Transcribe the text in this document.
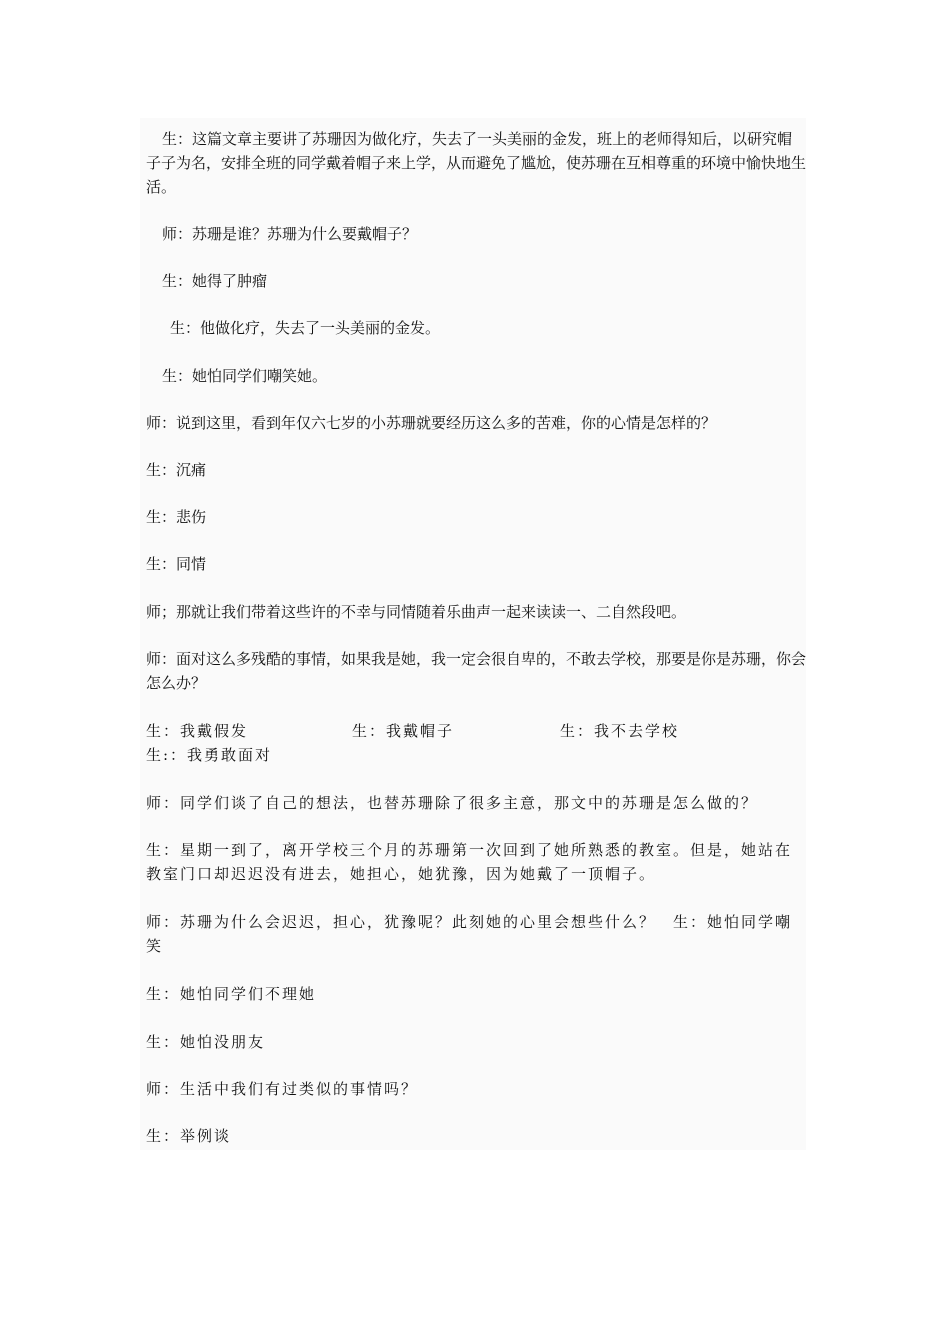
生：这篇文章主要讲了苏珊因为做化疗，失去了一头美丽的金发，班上的老师得知后，以研究帽子子为名，安排全班的同学戴着帽子来上学，从而避免了尴尬，使苏珊在互相尊重的环境中愉快地生活。
师：苏珊是谁？苏珊为什么要戴帽子？
生：她得了肿瘤
生：他做化疗，失去了一头美丽的金发。
生：她怕同学们嘲笑她。
师：说到这里，看到年仅六七岁的小苏珊就要经历这么多的苦难，你的心情是怎样的？
生：沉痛
生：悲伤
生：同情
师；那就让我们带着这些许的不幸与同情随着乐曲声一起来读读一、二自然段吧。
师：面对这么多残酷的事情，如果我是她，我一定会很自卑的，不敢去学校，那要是你是苏珊，你会怎么办？
生：我戴假发	生：我戴帽子	生：我不去学校
生:：我勇敢面对
师：同学们谈了自己的想法，也替苏珊除了很多主意，那文中的苏珊是怎么做的？
生：星期一到了，离开学校三个月的苏珊第一次回到了她所熟悉的教室。但是，她站在教室门口却迟迟没有进去，她担心，她犹豫，因为她戴了一顶帽子。
师：苏珊为什么会迟迟，担心，犹豫呢？此刻她的心里会想些什么？　生：她怕同学嘲笑
生：她怕同学们不理她
生：她怕没朋友
师：生活中我们有过类似的事情吗？
生：举例谈
